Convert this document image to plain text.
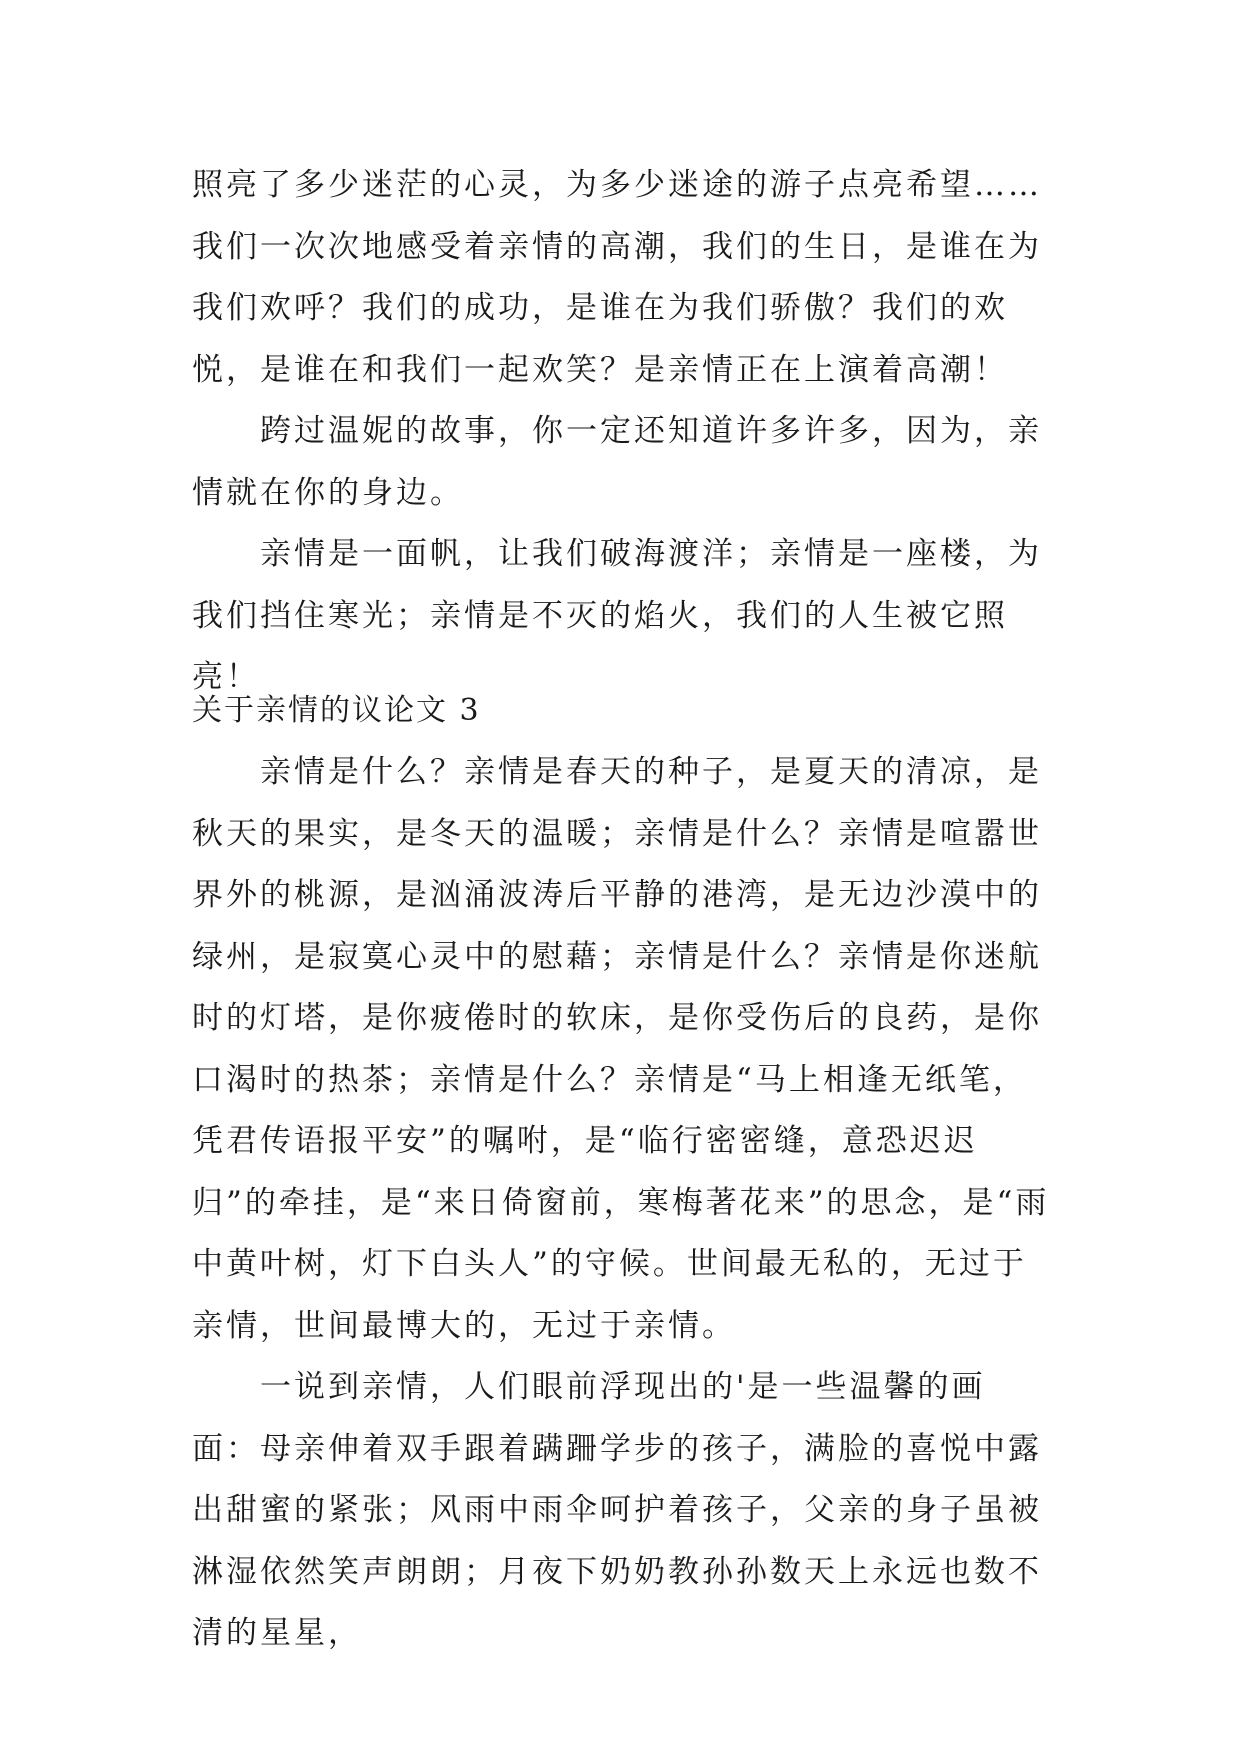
照亮了多少迷茫的心灵，为多少迷途的游子点亮希望……我们一次次地感受着亲情的高潮，我们的生日，是谁在为我们欢呼？我们的成功，是谁在为我们骄傲？我们的欢悦，是谁在和我们一起欢笑？是亲情正在上演着高潮！

跨过温妮的故事，你一定还知道许多许多，因为，亲情就在你的身边。

亲情是一面帆，让我们破海渡洋；亲情是一座楼，为我们挡住寒光；亲情是不灭的焰火，我们的人生被它照亮！

关于亲情的议论文 3

亲情是什么？亲情是春天的种子，是夏天的清凉，是秋天的果实，是冬天的温暖；亲情是什么？亲情是喧嚣世界外的桃源，是汹涌波涛后平静的港湾，是无边沙漠中的绿州，是寂寞心灵中的慰藉；亲情是什么？亲情是你迷航时的灯塔，是你疲倦时的软床，是你受伤后的良药，是你口渴时的热茶；亲情是什么？亲情是“马上相逢无纸笔，凭君传语报平安”的嘱咐，是“临行密密缝，意恐迟迟归”的牵挂，是“来日倚窗前，寒梅著花来”的思念，是“雨中黄叶树，灯下白头人”的守候。世间最无私的，无过于亲情，世间最博大的，无过于亲情。

一说到亲情，人们眼前浮现出的'是一些温馨的画面：母亲伸着双手跟着蹒跚学步的孩子，满脸的喜悦中露出甜蜜的紧张；风雨中雨伞呵护着孩子，父亲的身子虽被淋湿依然笑声朗朗；月夜下奶奶教孙孙数天上永远也数不清的星星，
